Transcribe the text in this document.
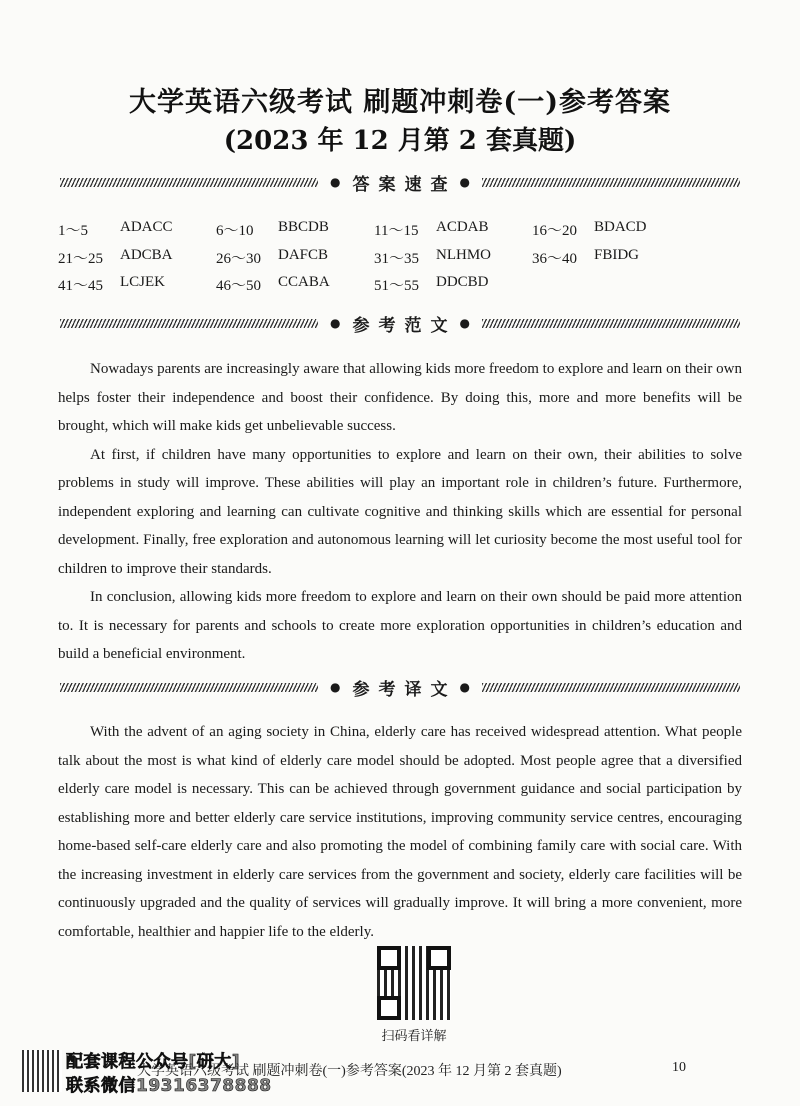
大学英语六级考试 刷题冲刺卷(一)参考答案
(2023 年 12 月第 2 套真题)
● 答案速查 ●
1～5	ADACC	6～10	BBCDB	11～15	ACDAB	16～20	BDACD
21～25	ADCBA	26～30	DAFCB	31～35	NLHMO	36～40	FBIDG
41～45	LCJEK	46～50	CCABA	51～55	DDCBD
● 参考范文 ●

Nowadays parents are increasingly aware that allowing kids more freedom to explore and learn on their own helps foster their independence and boost their confidence. By doing this, more and more benefits will be brought, which will make kids get unbelievable success.

At first, if children have many opportunities to explore and learn on their own, their abilities to solve problems in study will improve. These abilities will play an important role in children’s future. Furthermore, independent exploring and learning can cultivate cognitive and thinking skills which are essential for personal development. Finally, free exploration and autonomous learning will let curiosity become the most useful tool for children to improve their standards.

In conclusion, allowing kids more freedom to explore and learn on their own should be paid more attention to. It is necessary for parents and schools to create more exploration opportunities in children’s education and build a beneficial environment.

● 参考译文 ●

With the advent of an aging society in China, elderly care has received widespread attention. What people talk about the most is what kind of elderly care model should be adopted. Most people agree that a diversified elderly care model is necessary. This can be achieved through government guidance and social participation by establishing more and better elderly care service institutions, improving community service centres, encouraging home-based self-care elderly care and also promoting the model of combining family care with social care. With the increasing investment in elderly care services from the government and society, elderly care facilities will be continuously upgraded and the quality of services will gradually improve. It will bring a more convenient, more comfortable, healthier and happier life to the elderly.

扫码看详解
大学英语六级考试 刷题冲刺卷(一)参考答案(2023 年 12 月第 2 套真题)	10
配套课程公众号[研大]
联系微信19316378888
